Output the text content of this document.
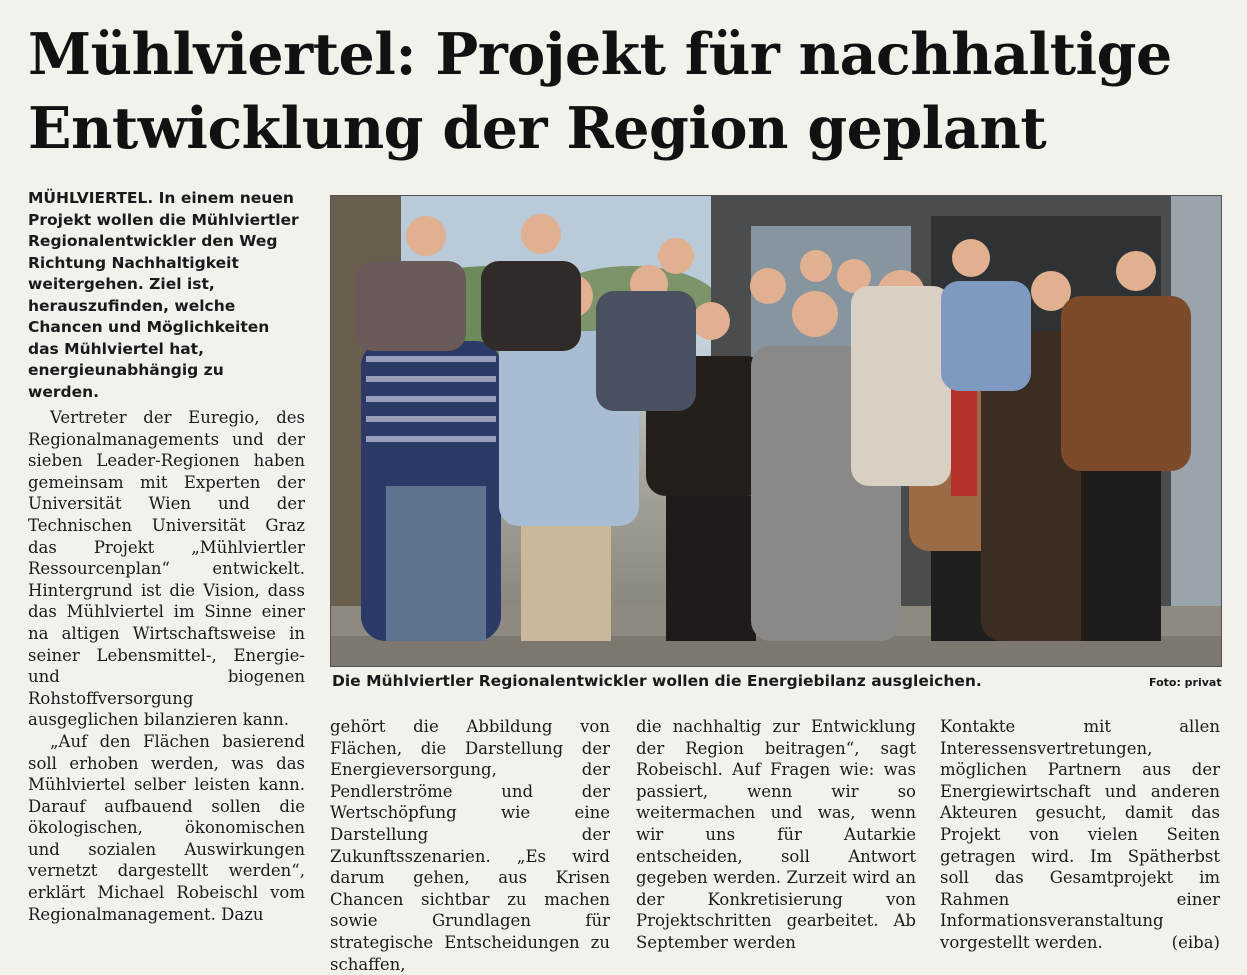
Mühlviertel: Projekt für nachhaltige Entwicklung der Region geplant
MÜHLVIERTEL. In einem neuen Projekt wollen die Mühlviertler Regionalentwickler den Weg Richtung Nachhaltigkeit weitergehen. Ziel ist, herauszufinden, welche Chancen und Möglichkeiten das Mühlviertel hat, energieunabhängig zu werden.
Die Mühlviertler Regionalentwickler wollen die Energiebilanz ausgleichen.	Foto: privat

Vertreter der Euregio, des Regionalmanagements und der sieben Leader-Regionen haben gemeinsam mit Experten der Universität Wien und der Technischen Universität Graz das Projekt „Mühlviertler Ressourcenplan“ entwickelt. Hintergrund ist die Vision, dass das Mühlviertel im Sinne einer na altigen Wirtschaftsweise in seiner Lebensmittel-, Energie- und biogenen Rohstoffversorgung ausgeglichen bilanzieren kann.

„Auf den Flächen basierend soll erhoben werden, was das Mühlviertel selber leisten kann. Darauf aufbauend sollen die ökologischen, ökonomischen und sozialen Auswirkungen vernetzt dargestellt werden“, erklärt Michael Robeischl vom Regionalmanagement. Dazu

gehört die Abbildung von Flächen, die Darstellung der Energieversorgung, der Pendlerströme und der Wertschöpfung wie eine Darstellung der Zukunftsszenarien. „Es wird darum gehen, aus Krisen Chancen sichtbar zu machen sowie Grundlagen für strategische Entscheidungen zu schaffen,

die nachhaltig zur Entwicklung der Region beitragen“, sagt Robeischl. Auf Fragen wie: was passiert, wenn wir so weitermachen und was, wenn wir uns für Autarkie entscheiden, soll Antwort gegeben werden. Zurzeit wird an der Konkretisierung von Projektschritten gearbeitet. Ab September werden

Kontakte mit allen Interessensvertretungen, möglichen Partnern aus der Energiewirtschaft und anderen Akteuren gesucht, damit das Projekt von vielen Seiten getragen wird. Im Spätherbst soll das Gesamtprojekt im Rahmen einer Informationsveranstaltung vorgestellt werden.	(eiba)
